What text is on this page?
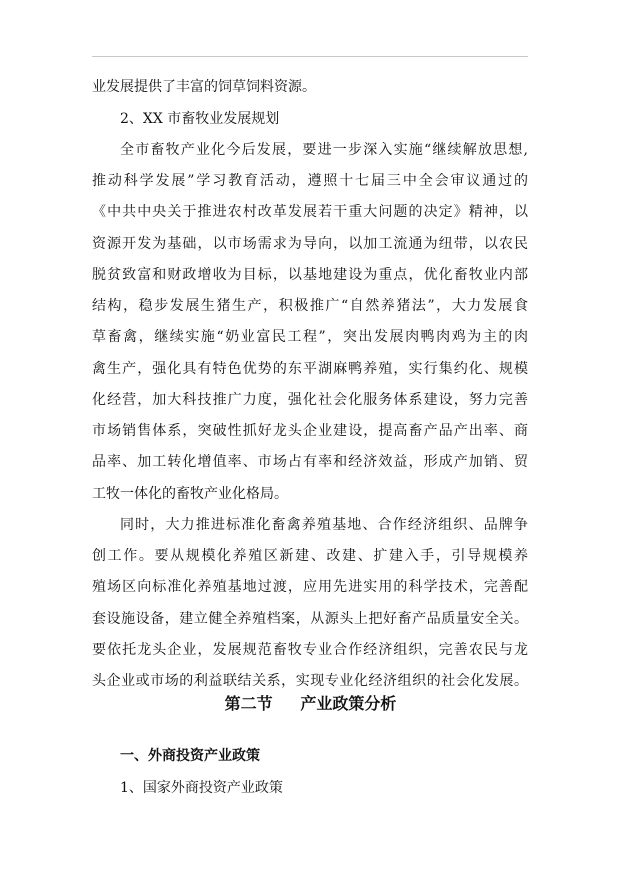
业发展提供了丰富的饲草饲料资源。
2、XX 市畜牧业发展规划
全市畜牧产业化今后发展，要进一步深入实施“继续解放思想,
推动科学发展”学习教育活动，遵照十七届三中全会审议通过的
《中共中央关于推进农村改革发展若干重大问题的决定》精神，以
资源开发为基础，以市场需求为导向，以加工流通为纽带，以农民
脱贫致富和财政增收为目标，以基地建设为重点，优化畜牧业内部
结构，稳步发展生猪生产，积极推广“自然养猪法”，大力发展食
草畜禽，继续实施“奶业富民工程”，突出发展肉鸭肉鸡为主的肉
禽生产，强化具有特色优势的东平湖麻鸭养殖，实行集约化、规模
化经营，加大科技推广力度，强化社会化服务体系建设，努力完善
市场销售体系，突破性抓好龙头企业建设，提高畜产品产出率、商
品率、加工转化增值率、市场占有率和经济效益，形成产加销、贸
工牧一体化的畜牧产业化格局。
同时，大力推进标准化畜禽养殖基地、合作经济组织、品牌争
创工作。要从规模化养殖区新建、改建、扩建入手，引导规模养
殖场区向标准化养殖基地过渡，应用先进实用的科学技术，完善配
套设施设备，建立健全养殖档案，从源头上把好畜产品质量安全关。
要依托龙头企业，发展规范畜牧专业合作经济组织，完善农民与龙
头企业或市场的利益联结关系，实现专业化经济组织的社会化发展。
第二节     产业政策分析
一、外商投资产业政策
1、国家外商投资产业政策
